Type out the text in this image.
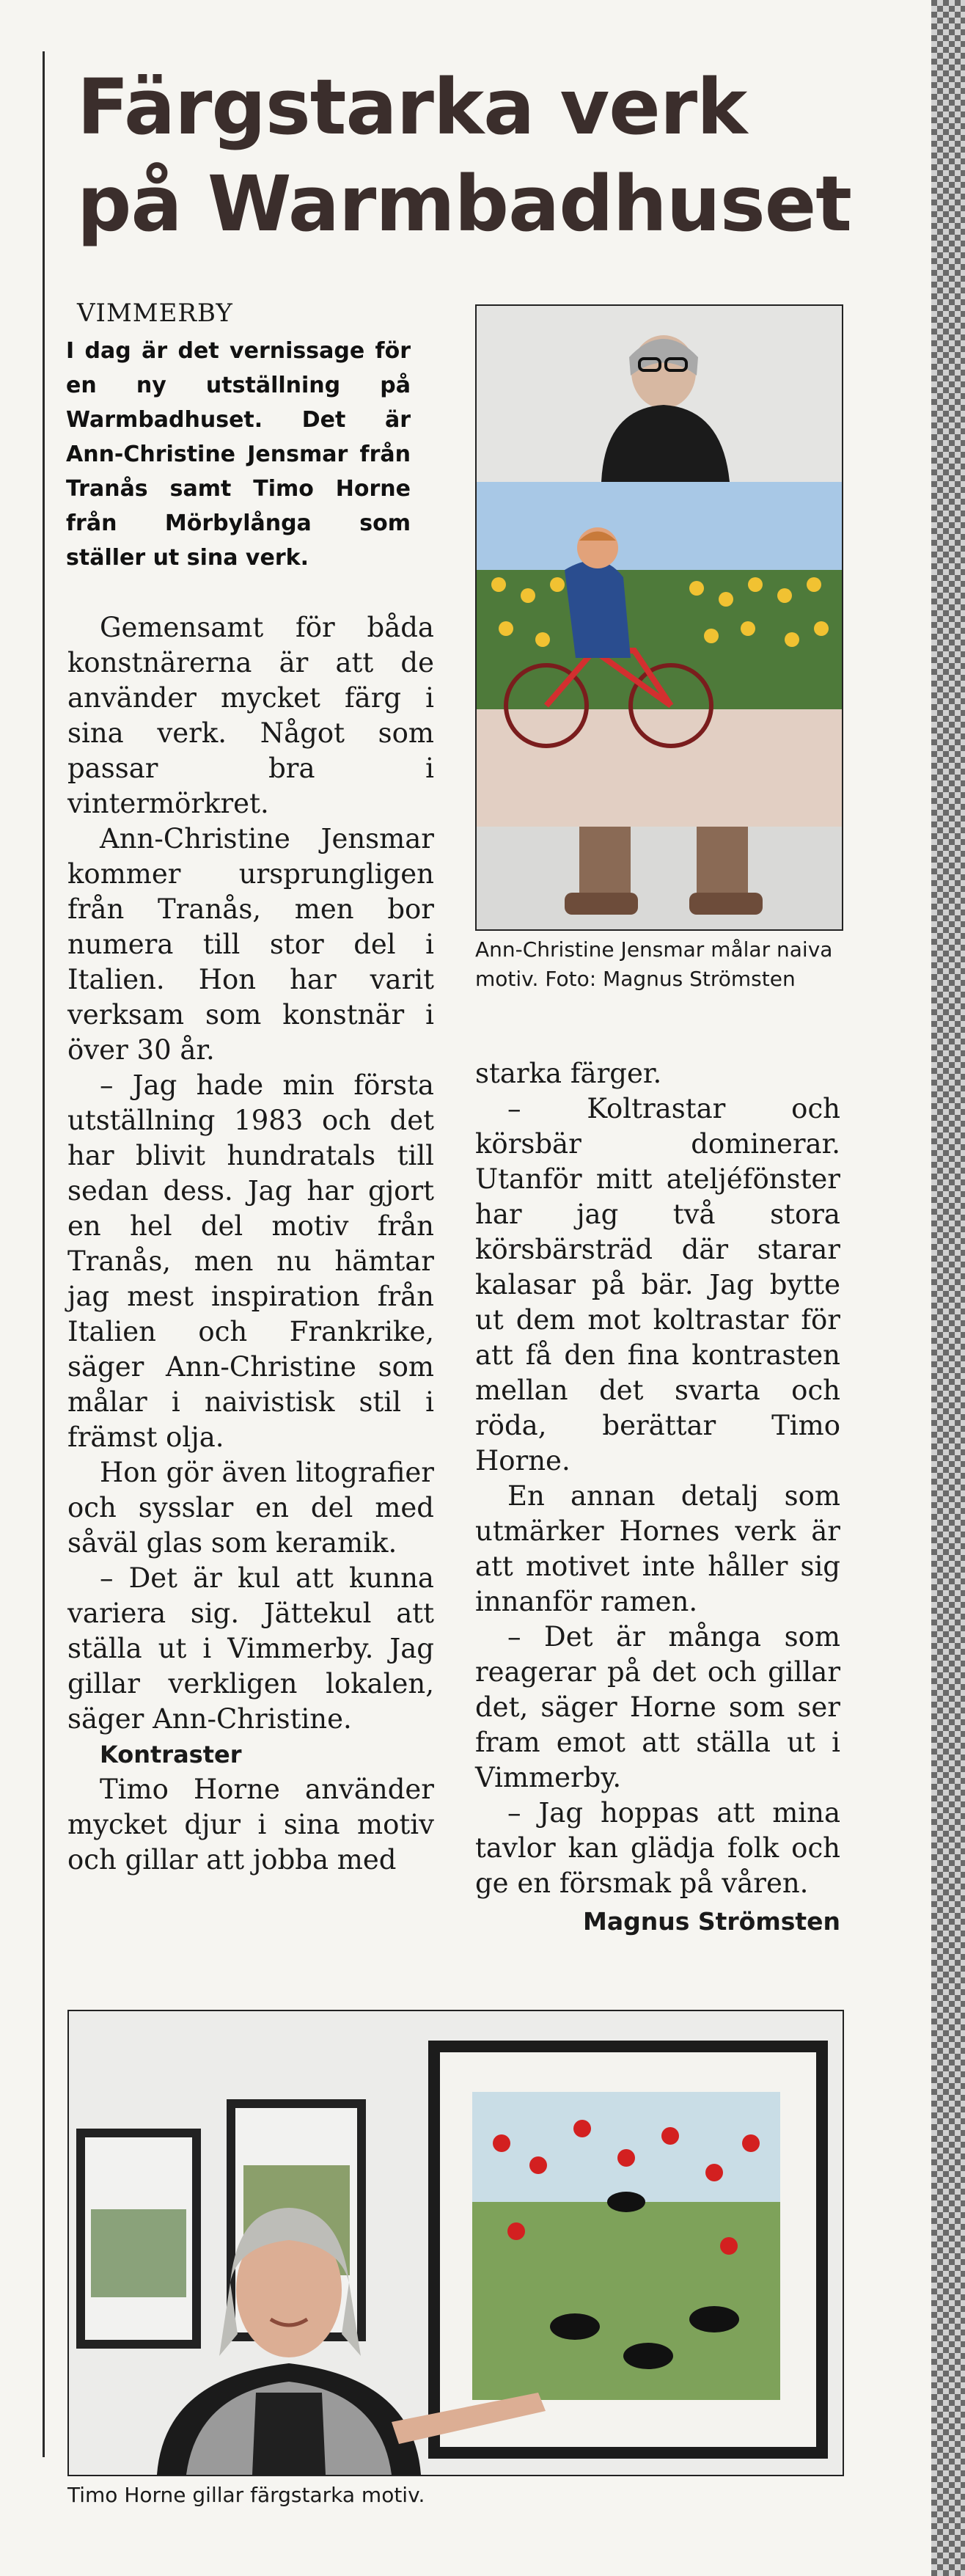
Färgstarka verk
på Warmbadhuset
VIMMERBY
I dag är det vernissage för en ny utställning på Warmbadhuset. Det är Ann-Christine Jensmar från Tranås samt Timo Horne från Mörbylånga som ställer ut sina verk.

Gemensamt för båda konstnärerna är att de använder mycket färg i sina verk. Något som passar bra i vintermörkret.

Ann-Christine Jensmar kommer ursprungligen från Tranås, men bor numera till stor del i Italien. Hon har varit verksam som konstnär i över 30 år.

– Jag hade min första utställning 1983 och det har blivit hundratals till sedan dess. Jag har gjort en hel del motiv från Tranås, men nu hämtar jag mest inspiration från Italien och Frankrike, säger Ann-Christine som målar i naivistisk stil i främst olja.

Hon gör även litografier och sysslar en del med såväl glas som keramik.

– Det är kul att kunna variera sig. Jättekul att ställa ut i Vimmerby. Jag gillar verkligen lokalen, säger Ann-Christine.

Kontraster

Timo Horne använder mycket djur i sina motiv och gillar att jobba med

Ann-Christine Jensmar målar naiva motiv. Foto: Magnus Strömsten

starka färger.

– Koltrastar och körsbär dominerar. Utanför mitt ateljéfönster har jag två stora körsbärsträd där starar kalasar på bär. Jag bytte ut dem mot koltrastar för att få den fina kontrasten mellan det svarta och röda, berättar Timo Horne.

En annan detalj som utmärker Hornes verk är att motivet inte håller sig innanför ramen.

– Det är många som reagerar på det och gillar det, säger Horne som ser fram emot att ställa ut i Vimmerby.

– Jag hoppas att mina tavlor kan glädja folk och ge en försmak på våren.

Magnus Strömsten
Timo Horne gillar färgstarka motiv.
